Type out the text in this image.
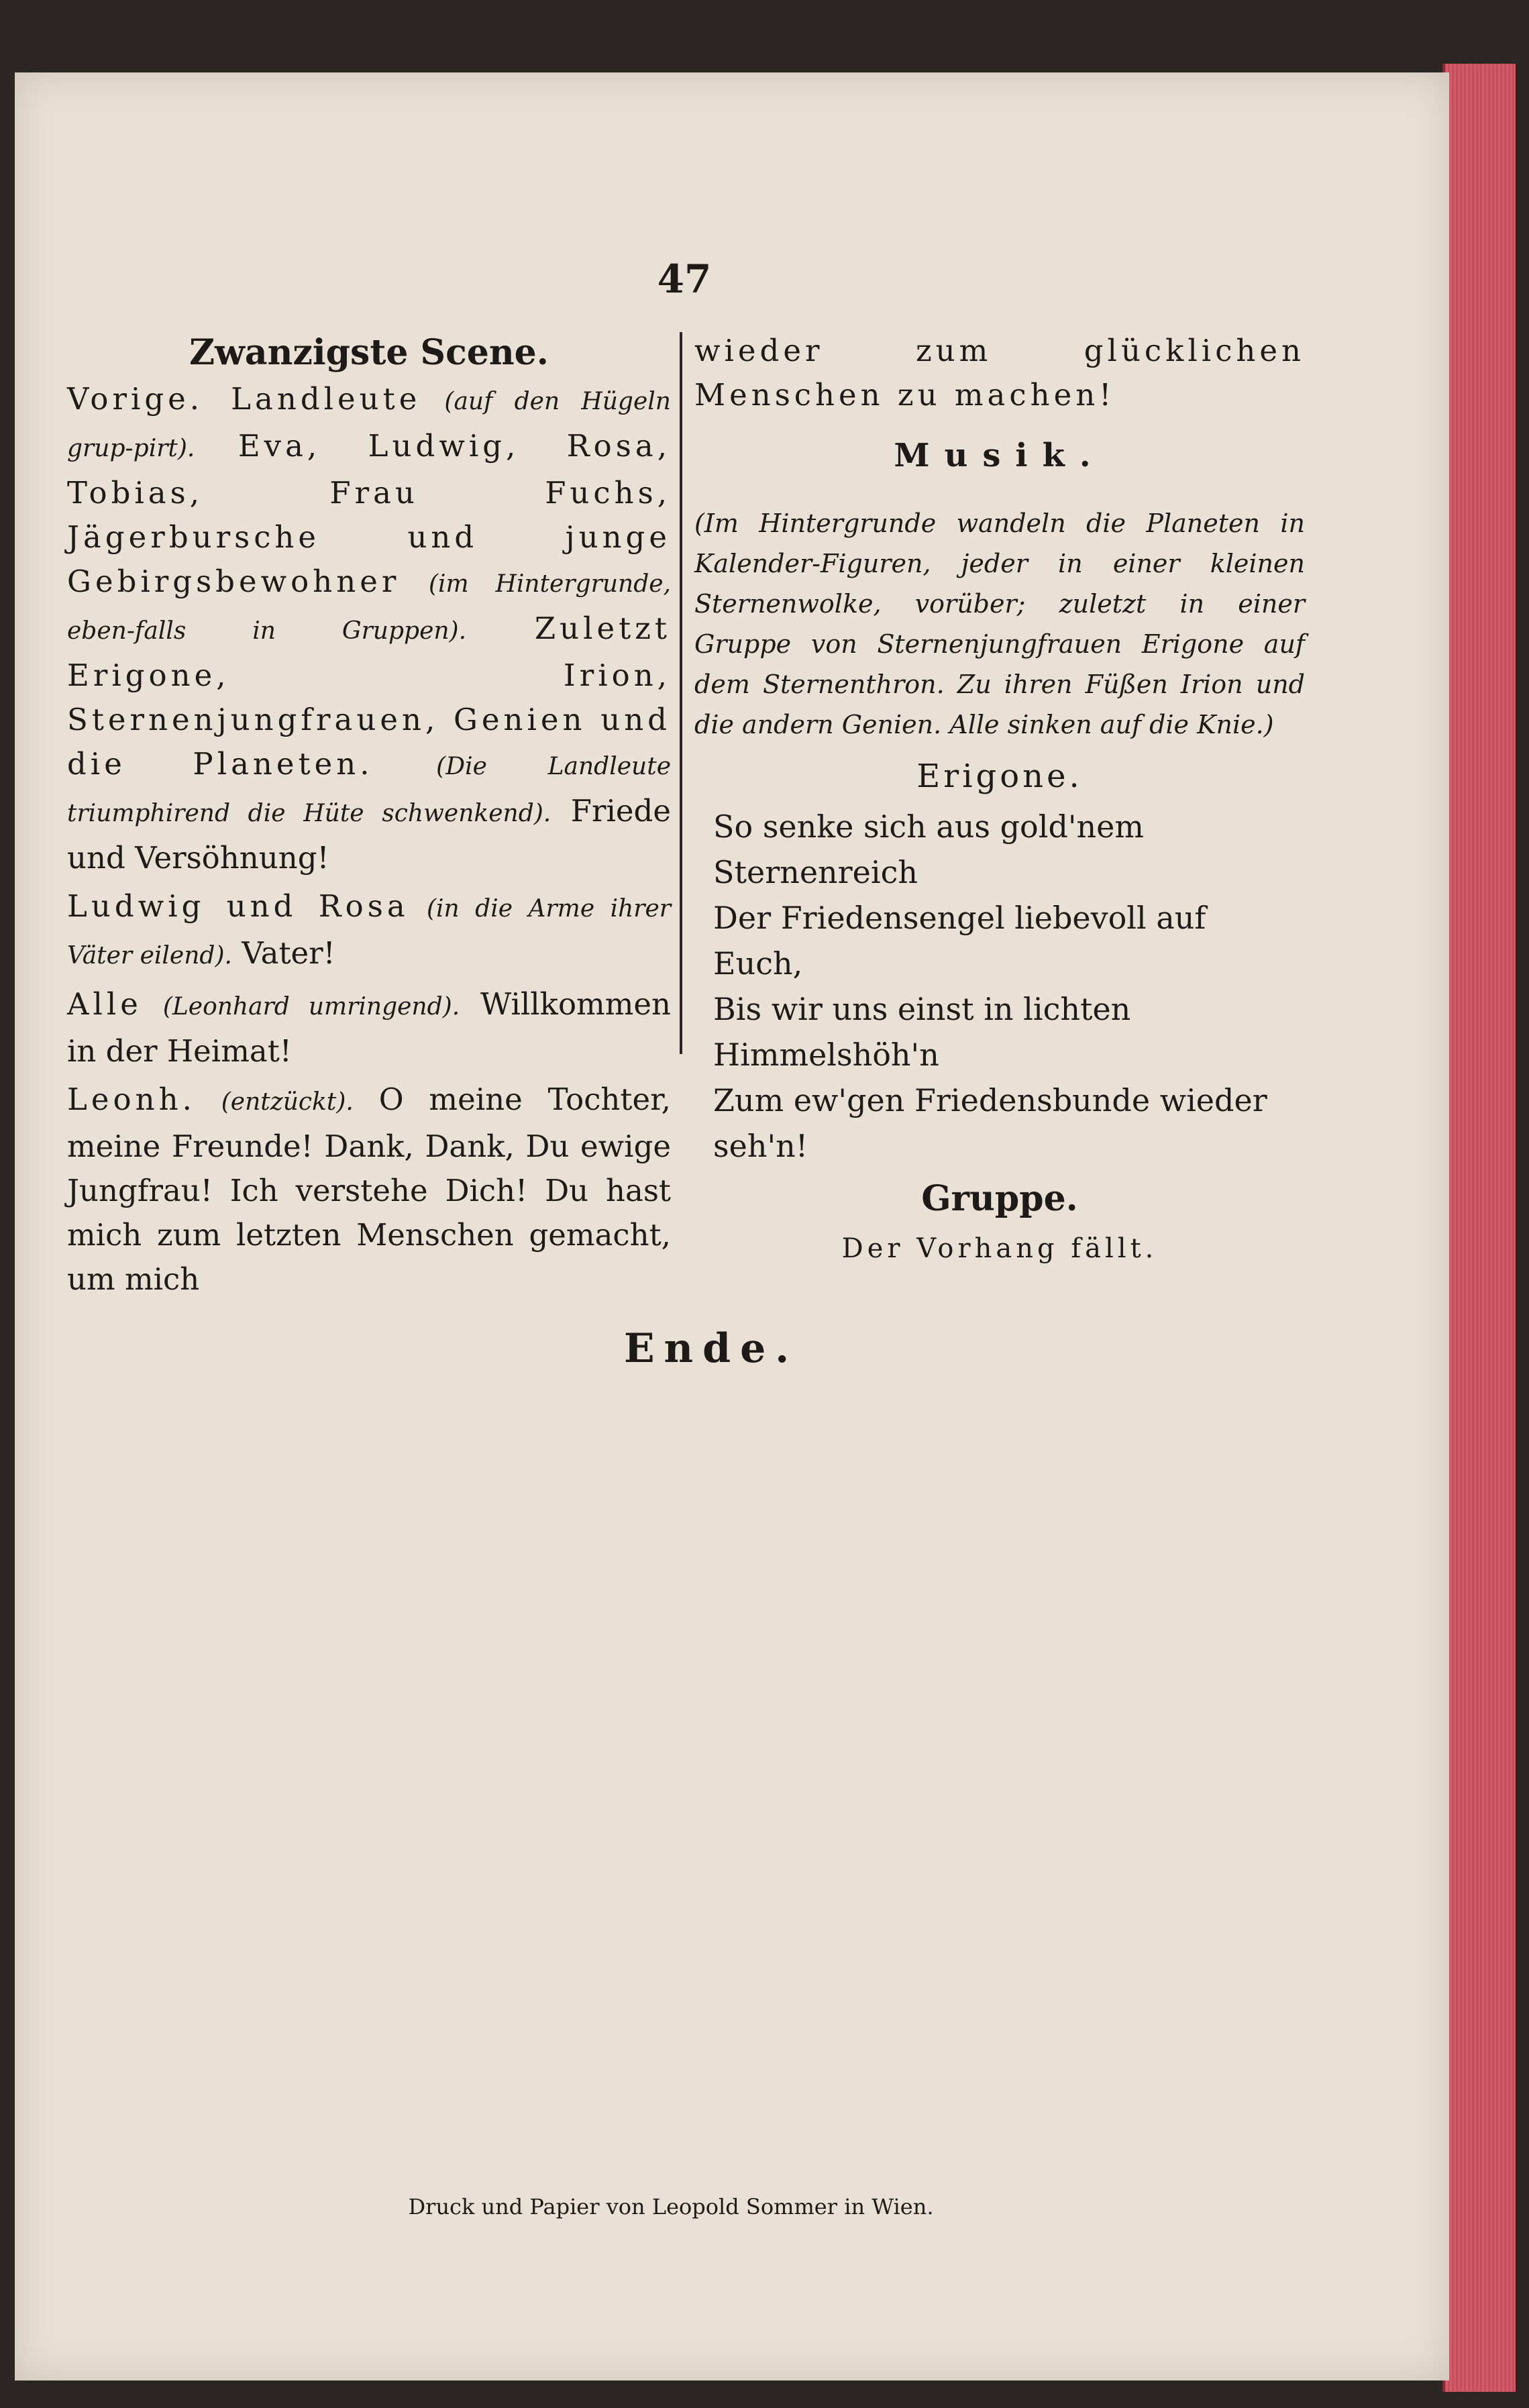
47
Zwanzigste Scene.

Vorige. Landleute (auf den Hügeln grup-pirt). Eva, Ludwig, Rosa, Tobias, Frau Fuchs, Jägerbursche und junge Gebirgsbewohner (im Hintergrunde, eben-falls in Gruppen). Zuletzt Erigone, Irion, Sternenjungfrauen, Genien und die Planeten.	(Die Landleute triumphirend die Hüte schwenkend). Friede und Versöhnung!

Ludwig und Rosa (in die Arme ihrer Väter eilend). Vater!

Alle (Leonhard umringend). Willkommen in der Heimat!

Leonh. (entzückt). O meine Tochter, meine Freunde! Dank, Dank, Du ewige Jungfrau! Ich verstehe Dich! Du hast mich zum letzten Menschen gemacht, um mich

wieder zum glücklichen Menschen zu machen!

Musik.

(Im Hintergrunde wandeln die Planeten in Kalender-Figuren, jeder in einer kleinen Sternenwolke, vorüber; zuletzt in einer Gruppe von Sternenjungfrauen Erigone auf dem Sternenthron. Zu ihren Füßen Irion und die andern Genien. Alle sinken auf die Knie.)

Erigone.
So senke sich aus gold'nem Sternenreich
Der Friedensengel liebevoll auf Euch,
Bis wir uns einst in lichten Himmelshöh'n
Zum ew'gen Friedensbunde wieder seh'n!
Gruppe.
Der Vorhang fällt.
Ende.
Druck und Papier von Leopold Sommer in Wien.
